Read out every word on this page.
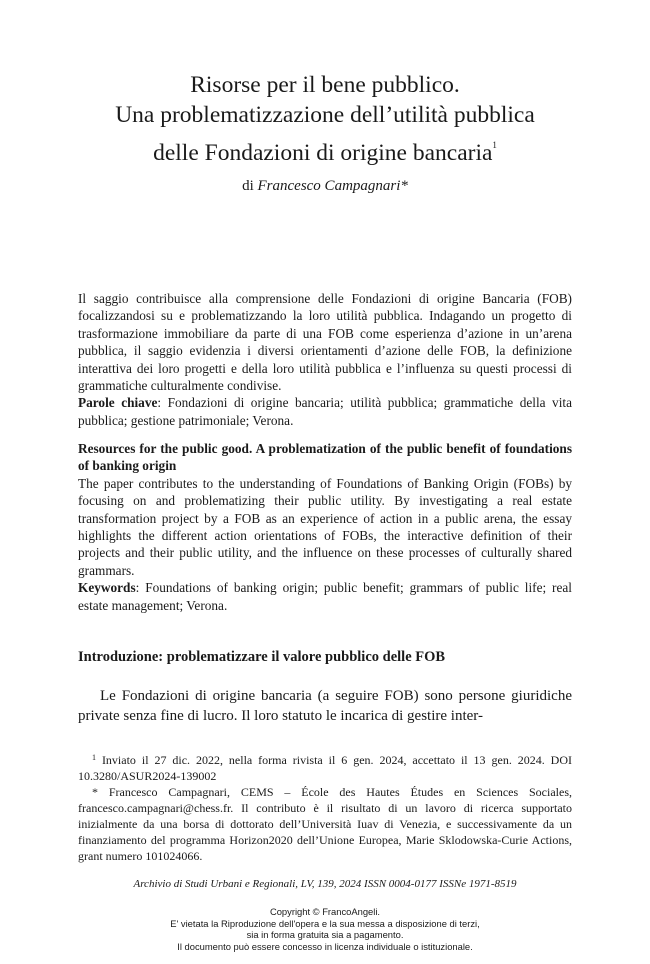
Risorse per il bene pubblico.
Una problematizzazione dell’utilità pubblica
delle Fondazioni di origine bancaria$^1$
di Francesco Campagnari*
Il saggio contribuisce alla comprensione delle Fondazioni di origine Bancaria (FOB) focalizzandosi su e problematizzando la loro utilità pubblica. Indagando un progetto di trasformazione immobiliare da parte di una FOB come esperienza d’azione in un’arena pubblica, il saggio evidenzia i diversi orientamenti d’azione delle FOB, la definizione interattiva dei loro progetti e della loro utilità pubblica e l’influenza su questi processi di grammatiche culturalmente condivise.
Parole chiave: Fondazioni di origine bancaria; utilità pubblica; grammatiche della vita pubblica; gestione patrimoniale; Verona.
Resources for the public good. A problematization of the public benefit of foundations of banking origin
The paper contributes to the understanding of Foundations of Banking Origin (FOBs) by focusing on and problematizing their public utility. By investigating a real estate transformation project by a FOB as an experience of action in a public arena, the essay highlights the different action orientations of FOBs, the interactive definition of their projects and their public utility, and the influence on these processes of culturally shared grammars.
Keywords: Foundations of banking origin; public benefit; grammars of public life; real estate management; Verona.
Introduzione: problematizzare il valore pubblico delle FOB
Le Fondazioni di origine bancaria (a seguire FOB) sono persone giuridiche private senza fine di lucro. Il loro statuto le incarica di gestire inter-

$^1$ Inviato il 27 dic. 2022, nella forma rivista il 6 gen. 2024, accettato il 13 gen. 2024. DOI 10.3280/ASUR2024-139002

* Francesco Campagnari, CEMS – École des Hautes Études en Sciences Sociales, francesco.campagnari@chess.fr. Il contributo è il risultato di un lavoro di ricerca supportato inizialmente da una borsa di dottorato dell’Università Iuav di Venezia, e successivamente da un finanziamento del programma Horizon2020 dell’Unione Europea, Marie Sklodowska-Curie Actions, grant numero 101024066.

Archivio di Studi Urbani e Regionali, LV, 139, 2024 ISSN 0004-0177 ISSNe 1971-8519
Copyright © FrancoAngeli.
E' vietata la Riproduzione dell'opera e la sua messa a disposizione di terzi,
sia in forma gratuita sia a pagamento.
Il documento può essere concesso in licenza individuale o istituzionale.
